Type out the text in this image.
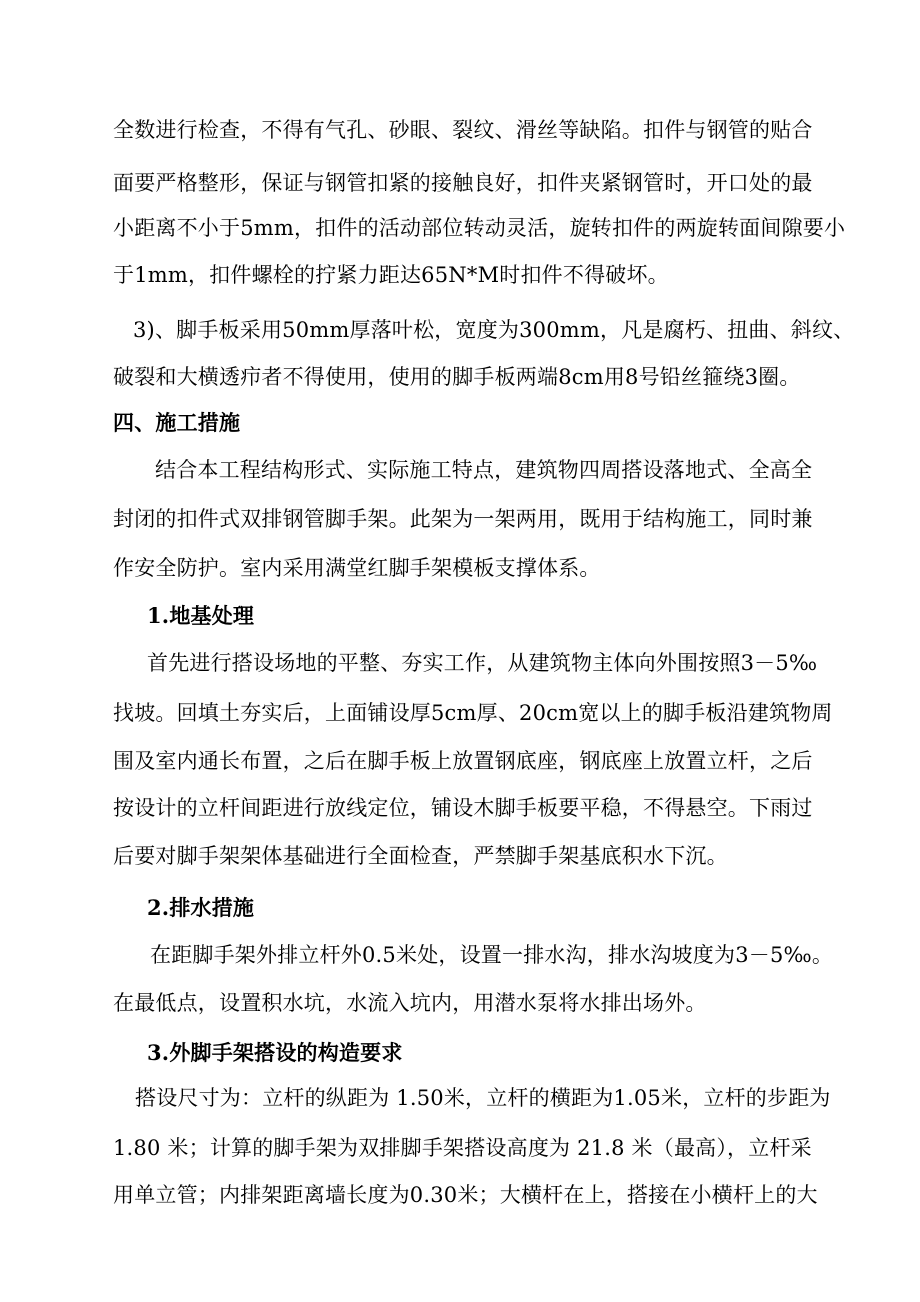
全数进行检查，不得有气孔、砂眼、裂纹、滑丝等缺陷。扣件与钢管的贴合
面要严格整形，保证与钢管扣紧的接触良好，扣件夹紧钢管时，开口处的最
小距离不小于5mm，扣件的活动部位转动灵活，旋转扣件的两旋转面间隙要小
于1mm，扣件螺栓的拧紧力距达65N*M时扣件不得破坏。
3)、脚手板采用50mm厚落叶松，宽度为300mm，凡是腐朽、扭曲、斜纹、
破裂和大横透疖者不得使用，使用的脚手板两端8cm用8号铅丝箍绕3圈。
四、施工措施
结合本工程结构形式、实际施工特点，建筑物四周搭设落地式、全高全
封闭的扣件式双排钢管脚手架。此架为一架两用，既用于结构施工，同时兼
作安全防护。室内采用满堂红脚手架模板支撑体系。
1.地基处理
首先进行搭设场地的平整、夯实工作，从建筑物主体向外围按照3－5‰
找坡。回填土夯实后，上面铺设厚5cm厚、20cm宽以上的脚手板沿建筑物周
围及室内通长布置，之后在脚手板上放置钢底座，钢底座上放置立杆，之后
按设计的立杆间距进行放线定位，铺设木脚手板要平稳，不得悬空。下雨过
后要对脚手架架体基础进行全面检查，严禁脚手架基底积水下沉。
2.排水措施
在距脚手架外排立杆外0.5米处，设置一排水沟，排水沟坡度为3－5‰。
在最低点，设置积水坑，水流入坑内，用潜水泵将水排出场外。
3.外脚手架搭设的构造要求
搭设尺寸为：立杆的纵距为 1.50米，立杆的横距为1.05米，立杆的步距为
1.80 米；计算的脚手架为双排脚手架搭设高度为 21.8 米（最高），立杆采
用单立管；内排架距离墙长度为0.30米；大横杆在上，搭接在小横杆上的大
